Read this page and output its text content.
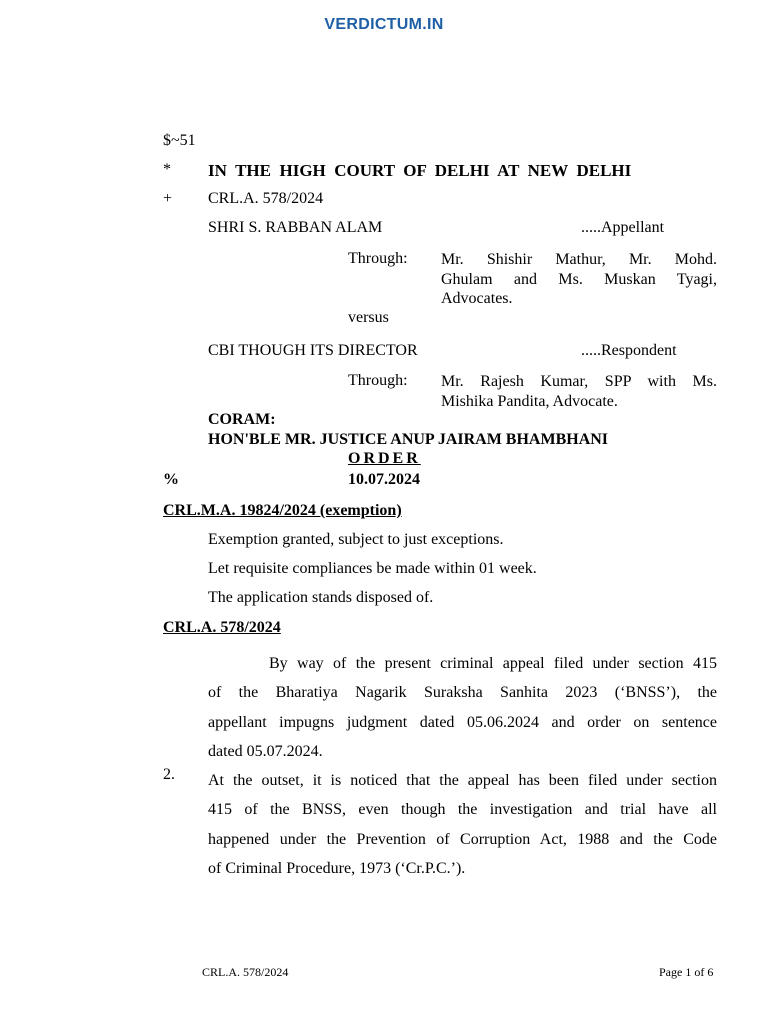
VERDICTUM.IN
$~51
* IN  THE  HIGH  COURT  OF  DELHI  AT  NEW  DELHI
+ CRL.A. 578/2024
SHRI S. RABBAN ALAM	.....Appellant
Through: Mr.  Shishir  Mathur,  Mr.  Mohd.
Ghulam  and  Ms.  Muskan  Tyagi,
Advocates.
versus
CBI THOUGH ITS DIRECTOR	.....Respondent
Through: Mr.  Rajesh  Kumar,  SPP  with  Ms.
Mishika Pandita, Advocate.
CORAM:
HON'BLE MR. JUSTICE ANUP JAIRAM BHAMBHANI
ORDER
%	10.07.2024
CRL.M.A. 19824/2024 (exemption)
Exemption granted, subject to just exceptions.
Let requisite compliances be made within 01 week.
The application stands disposed of.
CRL.A. 578/2024
By way of the present criminal appeal filed under section 415
of  the  Bharatiya  Nagarik  Suraksha  Sanhita  2023  (‘BNSS’),  the
appellant impugns judgment dated 05.06.2024 and order on sentence
dated 05.07.2024.
2. At the outset, it is noticed that the appeal has been filed under section
415  of  the  BNSS,  even  though  the  investigation  and  trial  have  all
happened under the Prevention of Corruption Act, 1988 and the Code
of Criminal Procedure, 1973 (‘Cr.P.C.’).
CRL.A. 578/2024	Page 1 of 6
